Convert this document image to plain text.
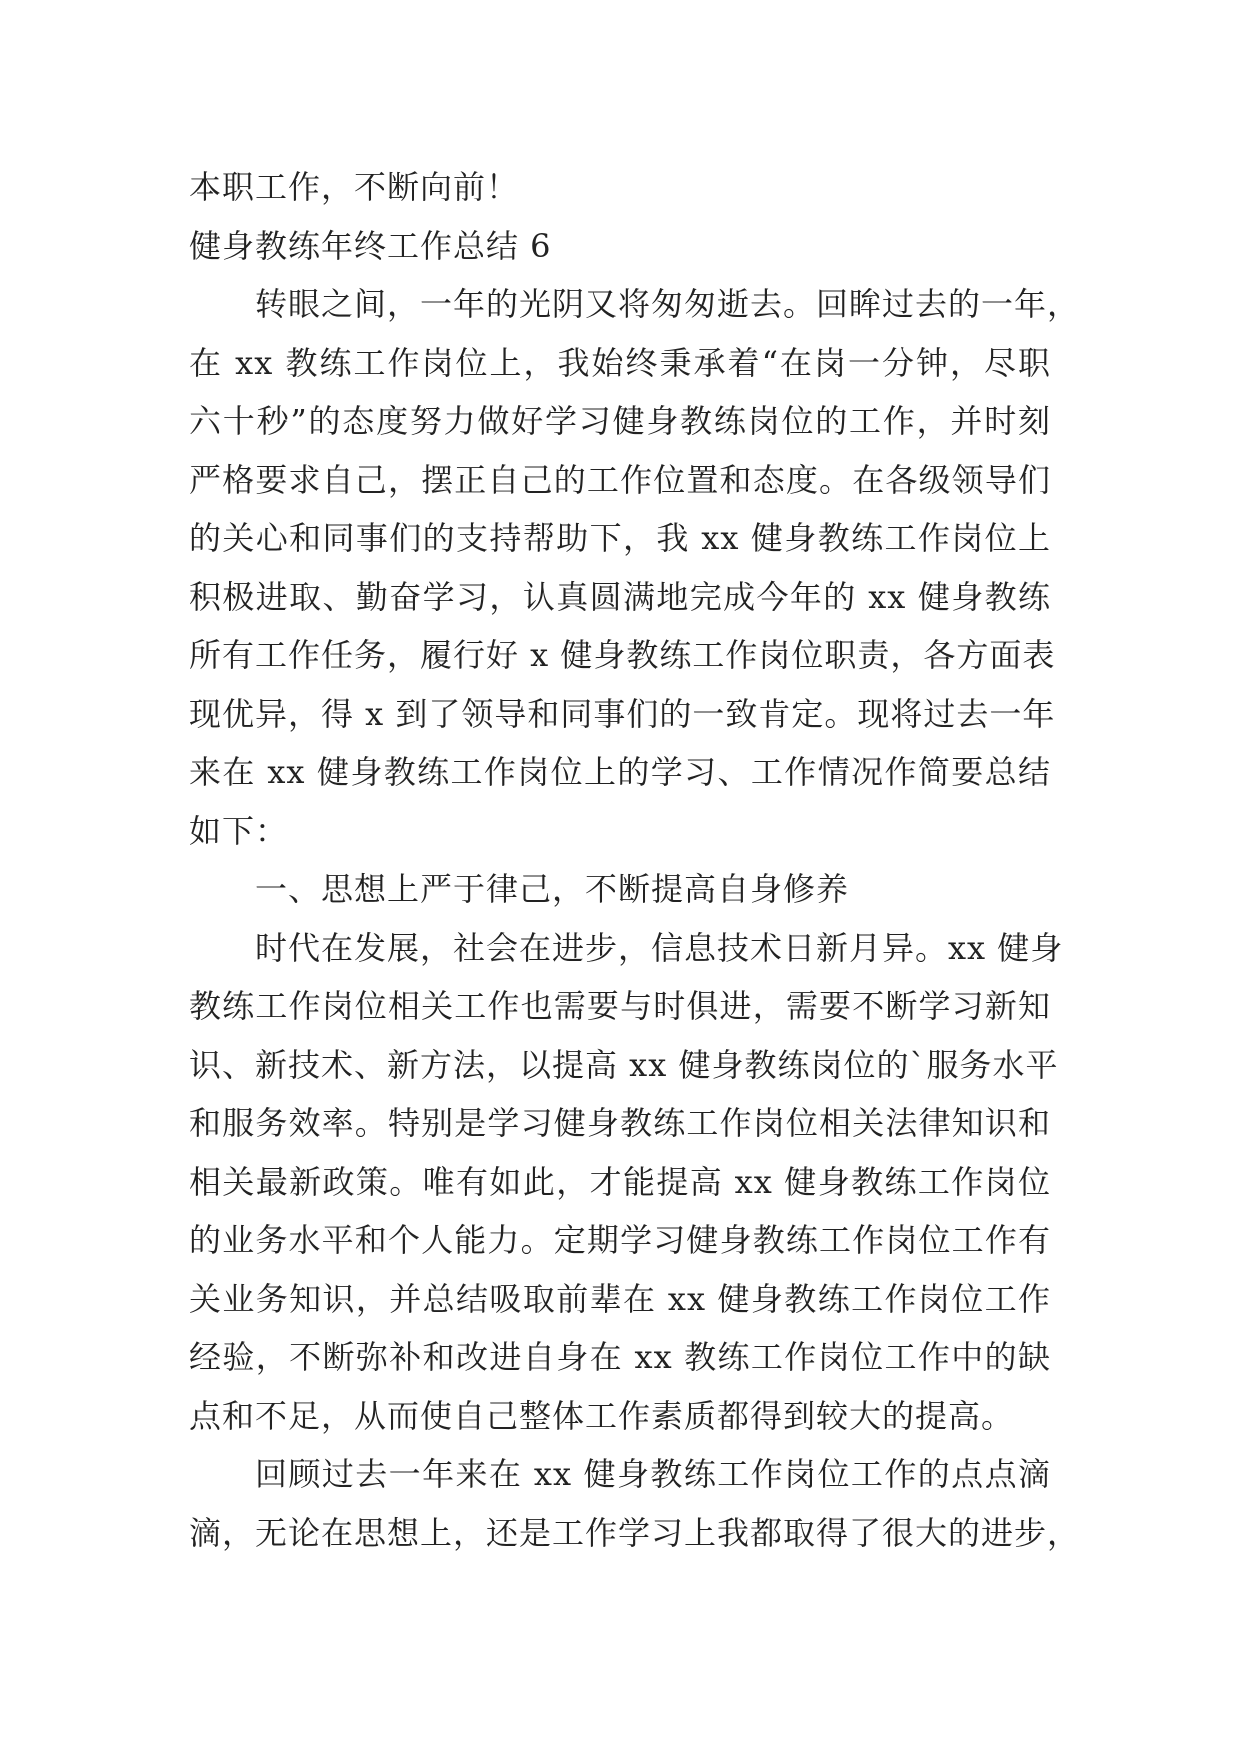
本职工作，不断向前！
健身教练年终工作总结 6
转眼之间，一年的光阴又将匆匆逝去。回眸过去的一年，
在 xx 教练工作岗位上，我始终秉承着“在岗一分钟，尽职
六十秒”的态度努力做好学习健身教练岗位的工作，并时刻
严格要求自己，摆正自己的工作位置和态度。在各级领导们
的关心和同事们的支持帮助下，我 xx 健身教练工作岗位上
积极进取、勤奋学习，认真圆满地完成今年的 xx 健身教练
所有工作任务，履行好 x 健身教练工作岗位职责，各方面表
现优异，得 x 到了领导和同事们的一致肯定。现将过去一年
来在 xx 健身教练工作岗位上的学习、工作情况作简要总结
如下：
一、思想上严于律己，不断提高自身修养
时代在发展，社会在进步，信息技术日新月异。xx 健身
教练工作岗位相关工作也需要与时俱进，需要不断学习新知
识、新技术、新方法，以提高 xx 健身教练岗位的`服务水平
和服务效率。特别是学习健身教练工作岗位相关法律知识和
相关最新政策。唯有如此，才能提高 xx 健身教练工作岗位
的业务水平和个人能力。定期学习健身教练工作岗位工作有
关业务知识，并总结吸取前辈在 xx 健身教练工作岗位工作
经验，不断弥补和改进自身在 xx 教练工作岗位工作中的缺
点和不足，从而使自己整体工作素质都得到较大的提高。
回顾过去一年来在 xx 健身教练工作岗位工作的点点滴
滴，无论在思想上，还是工作学习上我都取得了很大的进步，
